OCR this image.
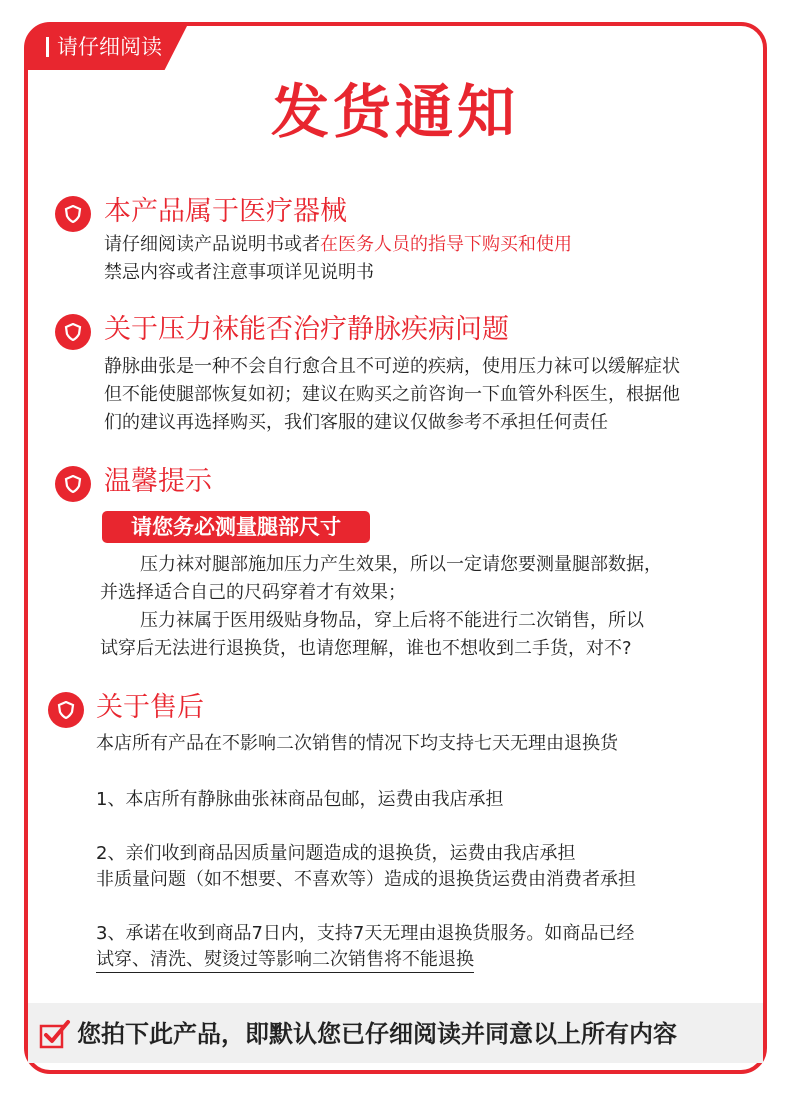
请仔细阅读
发货通知
本产品属于医疗器械
请仔细阅读产品说明书或者在医务人员的指导下购买和使用
禁忌内容或者注意事项详见说明书
关于压力袜能否治疗静脉疾病问题
静脉曲张是一种不会自行愈合且不可逆的疾病，使用压力袜可以缓解症状
但不能使腿部恢复如初；建议在购买之前咨询一下血管外科医生，根据他
们的建议再选择购买，我们客服的建议仅做参考不承担任何责任
温馨提示
请您务必测量腿部尺寸
压力袜对腿部施加压力产生效果，所以一定请您要测量腿部数据，
并选择适合自己的尺码穿着才有效果；
压力袜属于医用级贴身物品，穿上后将不能进行二次销售，所以
试穿后无法进行退换货，也请您理解，谁也不想收到二手货，对不?
关于售后
本店所有产品在不影响二次销售的情况下均支持七天无理由退换货
1、本店所有静脉曲张袜商品包邮，运费由我店承担
2、亲们收到商品因质量问题造成的退换货，运费由我店承担
非质量问题（如不想要、不喜欢等）造成的退换货运费由消费者承担
3、承诺在收到商品7日内，支持7天无理由退换货服务。如商品已经
试穿、清洗、熨烫过等影响二次销售将不能退换
您拍下此产品，即默认您已仔细阅读并同意以上所有内容
